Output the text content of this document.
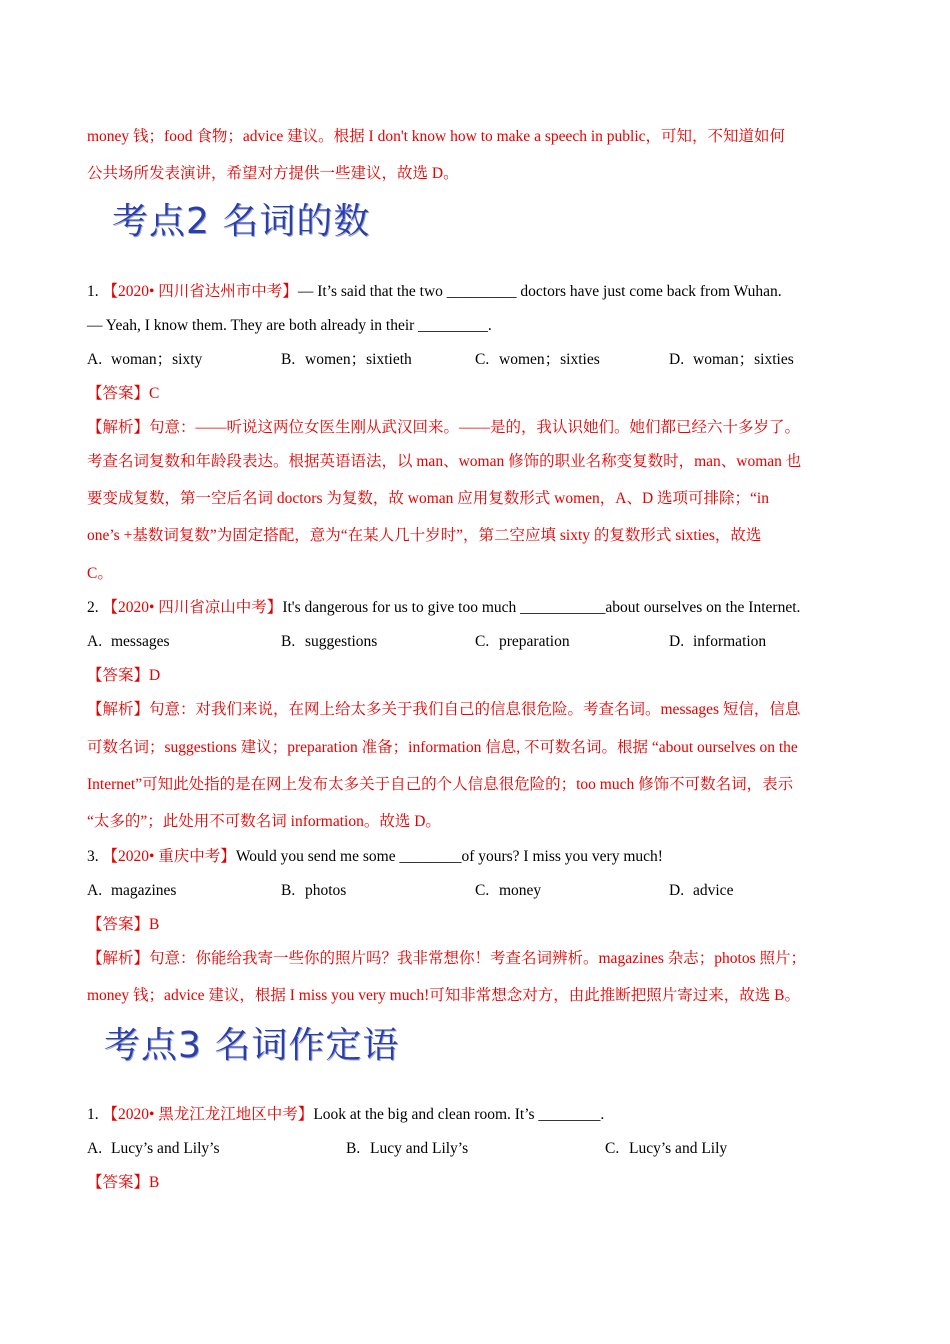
money 钱；food 食物；advice 建议。根据 I don't know how to make a speech in public，可知，不知道如何
公共场所发表演讲，希望对方提供一些建议，故选 D。
考点2 名词的数
1. 【2020• 四川省达州市中考】— It’s said that the two _________ doctors have just come back from Wuhan.
— Yeah, I know them. They are both already in their _________.
A. woman；sixty	B. women；sixtieth	C. women；sixties	D. woman；sixties
【答案】C
【解析】句意：——听说这两位女医生刚从武汉回来。——是的，我认识她们。她们都已经六十多岁了。
考查名词复数和年龄段表达。根据英语语法，以 man、woman 修饰的职业名称变复数时，man、woman 也
要变成复数，第一空后名词 doctors 为复数，故 woman 应用复数形式 women，A、D 选项可排除；“in
one’s +基数词复数”为固定搭配，意为“在某人几十岁时”，第二空应填 sixty 的复数形式 sixties，故选
C。
2. 【2020• 四川省凉山中考】It's dangerous for us to give too much ___________about ourselves on the Internet.
A. messages	B. suggestions	C. preparation	D. information
【答案】D
【解析】句意：对我们来说，在网上给太多关于我们自己的信息很危险。考查名词。messages 短信，信息
可数名词；suggestions 建议；preparation 准备；information 信息, 不可数名词。根据 “about ourselves on the
Internet”可知此处指的是在网上发布太多关于自己的个人信息很危险的；too much 修饰不可数名词，表示
“太多的”；此处用不可数名词 information。故选 D。
3. 【2020• 重庆中考】Would you send me some ________of yours? I miss you very much!
A. magazines	B. photos	C. money	D. advice
【答案】B
【解析】句意：你能给我寄一些你的照片吗？我非常想你！考查名词辨析。magazines 杂志；photos 照片；
money 钱；advice 建议，根据 I miss you very much!可知非常想念对方，由此推断把照片寄过来，故选 B。
考点3 名词作定语
1. 【2020• 黑龙江龙江地区中考】Look at the big and clean room. It’s ________.
A. Lucy’s and Lily’s	B. Lucy and Lily’s	C. Lucy’s and Lily
【答案】B
